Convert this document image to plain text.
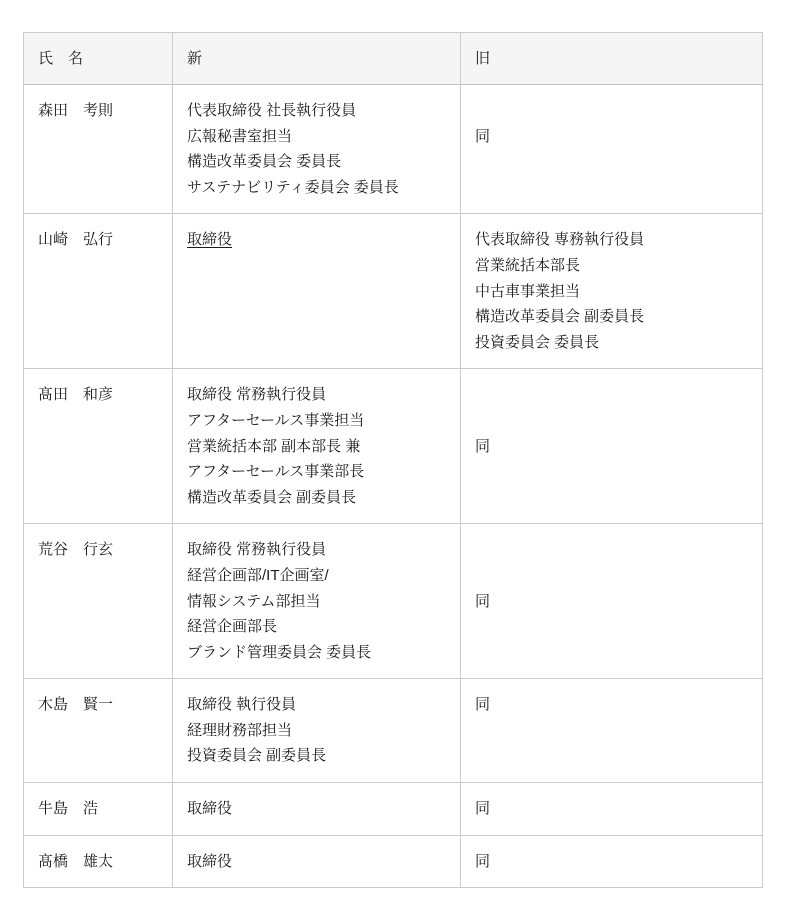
氏　名	新	旧

森田　考則	代表取締役 社長執行役員
広報秘書室担当
構造改革委員会 委員長
サステナビリティ委員会 委員長	同

山崎　弘行	取締役	代表取締役 専務執行役員
営業統括本部長
中古車事業担当
構造改革委員会 副委員長
投資委員会 委員長

髙田　和彦	取締役 常務執行役員
アフターセールス事業担当
営業統括本部 副本部長 兼
アフターセールス事業部長
構造改革委員会 副委員長	同

荒谷　行玄	取締役 常務執行役員
経営企画部/IT企画室/
情報システム部担当
経営企画部長
ブランド管理委員会 委員長	同

木島　賢一	取締役 執行役員
経理財務部担当
投資委員会 副委員長	同

牛島　浩	取締役	同

髙橋　雄太	取締役	同
